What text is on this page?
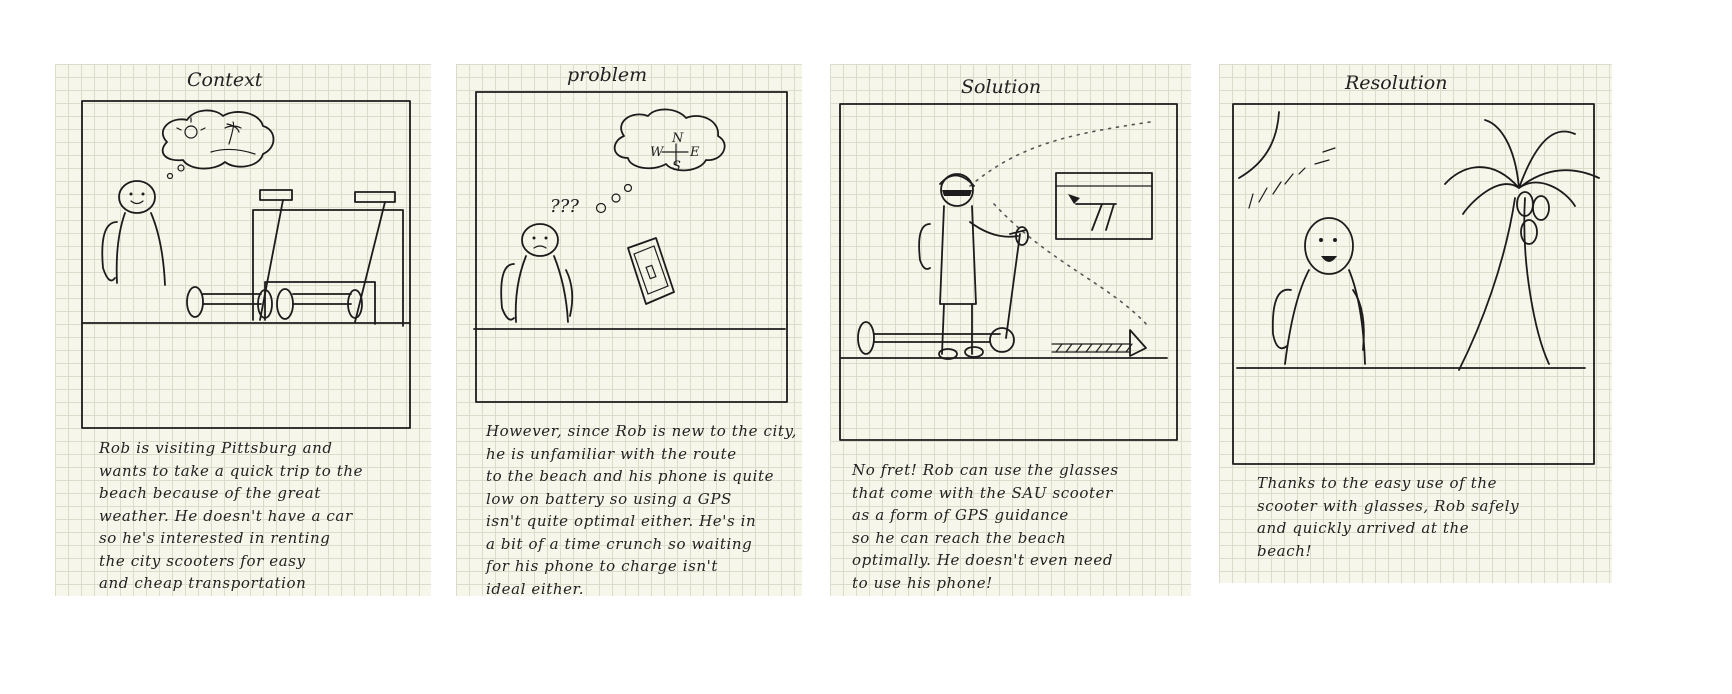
Context
Rob is visiting Pittsburg and
wants to take a quick trip to the
beach because of the great
weather. He doesn't have a car
so he's interested in renting
the city scooters for easy
and cheap transportation
problem
N
W E
S
???
However, since Rob is new to the city,
he is unfamiliar with the route
to the beach and his phone is quite
low on battery so using a GPS
isn't quite optimal either. He's in
a bit of a time crunch so waiting
for his phone to charge isn't
ideal either.
Solution
No fret! Rob can use the glasses
that come with the SAU scooter
as a form of GPS guidance
so he can reach the beach
optimally. He doesn't even need
to use his phone!
Resolution
Thanks to the easy use of the
scooter with glasses, Rob safely
and quickly arrived at the
beach!
